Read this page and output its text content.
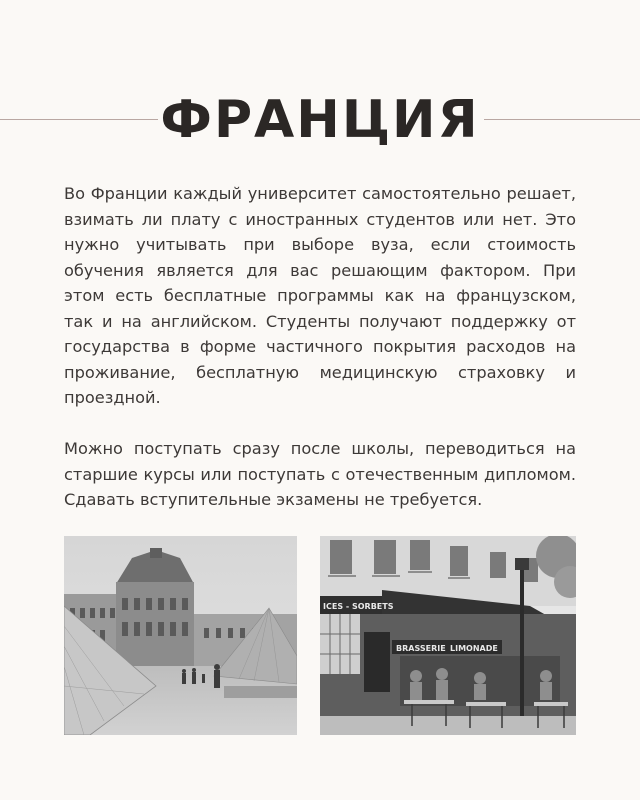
ФРАНЦИЯ

Во Франции каждый университет самостоятельно решает, взимать ли плату с иностранных студентов или нет. Это нужно учитывать при выборе вуза, если стоимость обучения является для вас решающим фактором. При этом есть бесплатные программы как на французском, так и на английском. Студенты получают поддержку от государства в форме частичного покрытия расходов на проживание, бесплатную медицинскую страховку и проездной.

Можно поступать сразу после школы, переводиться на старшие курсы или поступать с отечественным дипломом. Сдавать вступительные экзамены не требуется.

ICES - SORBETS
BRASSERIE LIMONADE
